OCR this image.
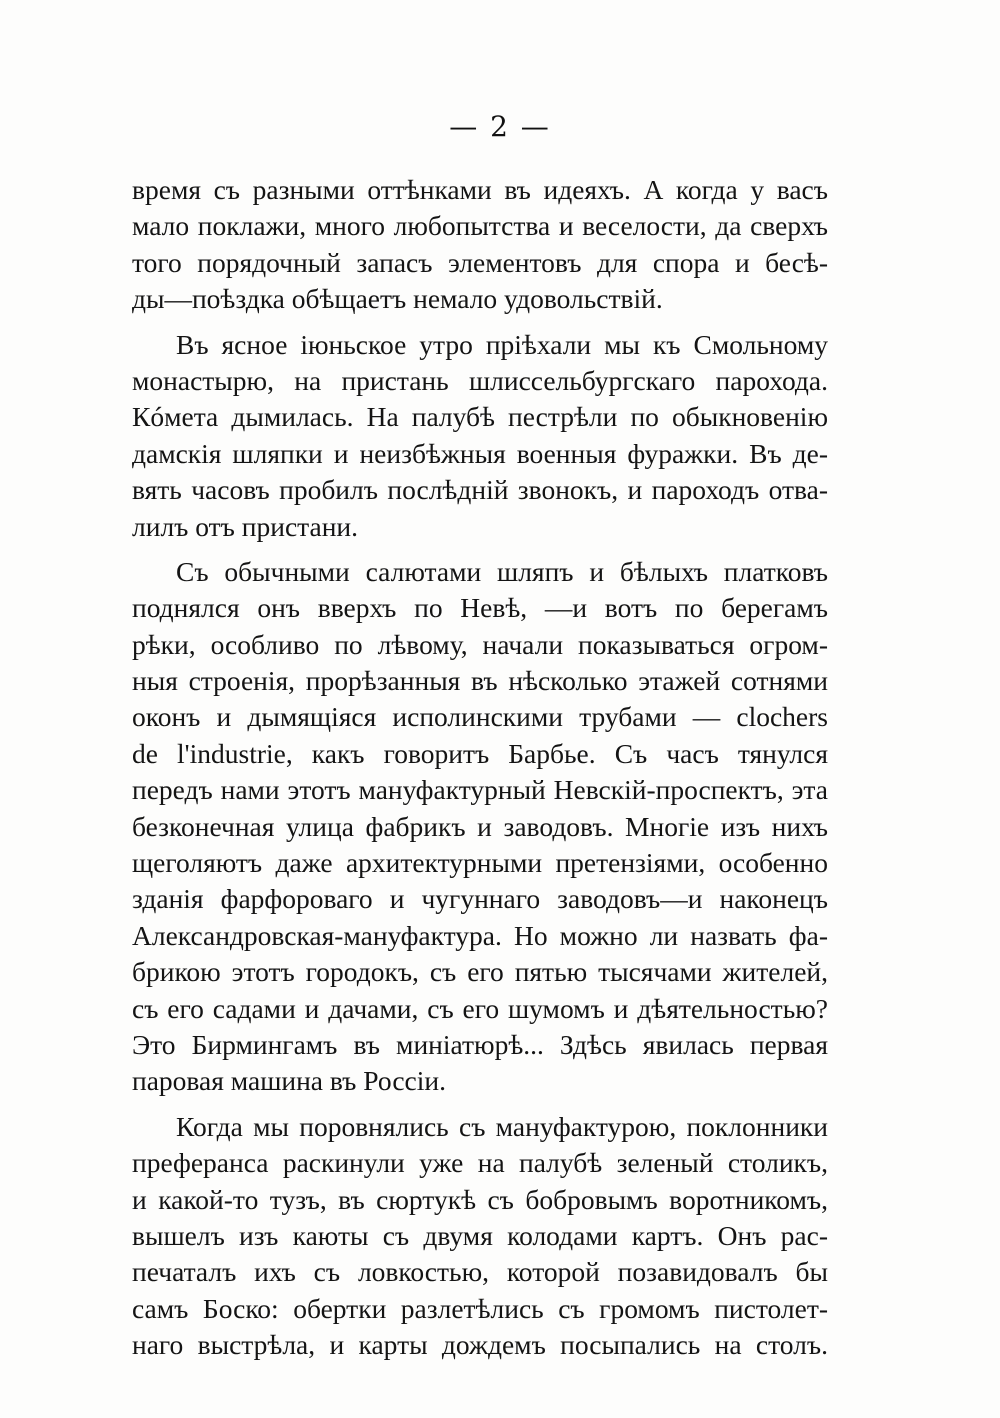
— 2 —
время съ разными оттѣнками въ идеяхъ. А когда у васъ
мало поклажи, много любопытства и веселости, да сверхъ
того порядочный запасъ элементовъ для спора и бесѣ-
ды—поѣздка обѣщаетъ немало удовольствій.
Въ ясное іюньское утро пріѣхали мы къ Смольному
монастырю, на пристань шлиссельбургскаго парохода.
Кóмета дымилась. На палубѣ пестрѣли по обыкновенію
дамскія шляпки и неизбѣжныя военныя фуражки. Въ де-
вять часовъ пробилъ послѣдній звонокъ, и пароходъ отва-
лилъ отъ пристани.
Съ обычными салютами шляпъ и бѣлыхъ платковъ
поднялся онъ вверхъ по Невѣ, —и вотъ по берегамъ
рѣки, особливо по лѣвому, начали показываться огром-
ныя строенія, прорѣзанныя въ нѣсколько этажей сотнями
оконъ и дымящіяся исполинскими трубами — clochers
de l'industrie, какъ говоритъ Барбье. Съ часъ тянулся
передъ нами этотъ мануфактурный Невскій-проспектъ, эта
безконечная улица фабрикъ и заводовъ. Многіе изъ нихъ
щеголяютъ даже архитектурными претензіями, особенно
зданія фарфороваго и чугуннаго заводовъ—и наконецъ
Александровская-мануфактура. Но можно ли назвать фа-
брикою этотъ городокъ, съ его пятью тысячами жителей,
съ его садами и дачами, съ его шумомъ и дѣятельностью?
Это Бирмингамъ въ миніатюрѣ... Здѣсь явилась первая
паровая машина въ Россіи.
Когда мы поровнялись съ мануфактурою, поклонники
преферанса раскинули уже на палубѣ зеленый столикъ,
и какой-то тузъ, въ сюртукѣ съ бобровымъ воротникомъ,
вышелъ изъ каюты съ двумя колодами картъ. Онъ рас-
печаталъ ихъ съ ловкостью, которой позавидовалъ бы
самъ Боско: обертки разлетѣлись съ громомъ пистолет-
наго выстрѣла, и карты дождемъ посыпались на столъ.
